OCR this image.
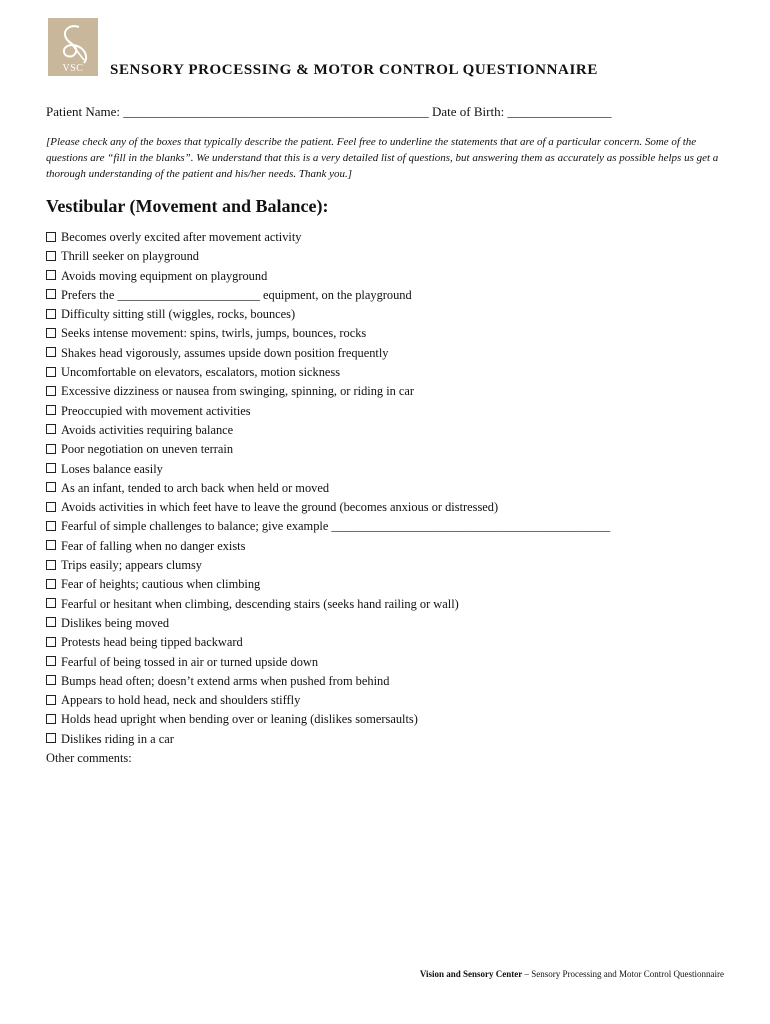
VSC	SENSORY PROCESSING & MOTOR CONTROL QUESTIONNAIRE
Patient Name: _______________________________________________ Date of Birth: ________________

[Please check any of the boxes that typically describe the patient. Feel free to underline the statements that are of a particular concern. Some of the questions are “fill in the blanks”. We understand that this is a very detailed list of questions, but answering them as accurately as possible helps us get a thorough understanding of the patient and his/her needs. Thank you.]

Vestibular (Movement and Balance):
Becomes overly excited after movement activity
Thrill seeker on playground
Avoids moving equipment on playground
Prefers the _______________________ equipment, on the playground
Difficulty sitting still (wiggles, rocks, bounces)
Seeks intense movement: spins, twirls, jumps, bounces, rocks
Shakes head vigorously, assumes upside down position frequently
Uncomfortable on elevators, escalators, motion sickness
Excessive dizziness or nausea from swinging, spinning, or riding in car
Preoccupied with movement activities
Avoids activities requiring balance
Poor negotiation on uneven terrain
Loses balance easily
As an infant, tended to arch back when held or moved
Avoids activities in which feet have to leave the ground (becomes anxious or distressed)
Fearful of simple challenges to balance; give example _____________________________________________
Fear of falling when no danger exists
Trips easily; appears clumsy
Fear of heights; cautious when climbing
Fearful or hesitant when climbing, descending stairs (seeks hand railing or wall)
Dislikes being moved
Protests head being tipped backward
Fearful of being tossed in air or turned upside down
Bumps head often; doesn’t extend arms when pushed from behind
Appears to hold head, neck and shoulders stiffly
Holds head upright when bending over or leaning (dislikes somersaults)
Dislikes riding in a car
Other comments:
Vision and Sensory Center – Sensory Processing and Motor Control Questionnaire
